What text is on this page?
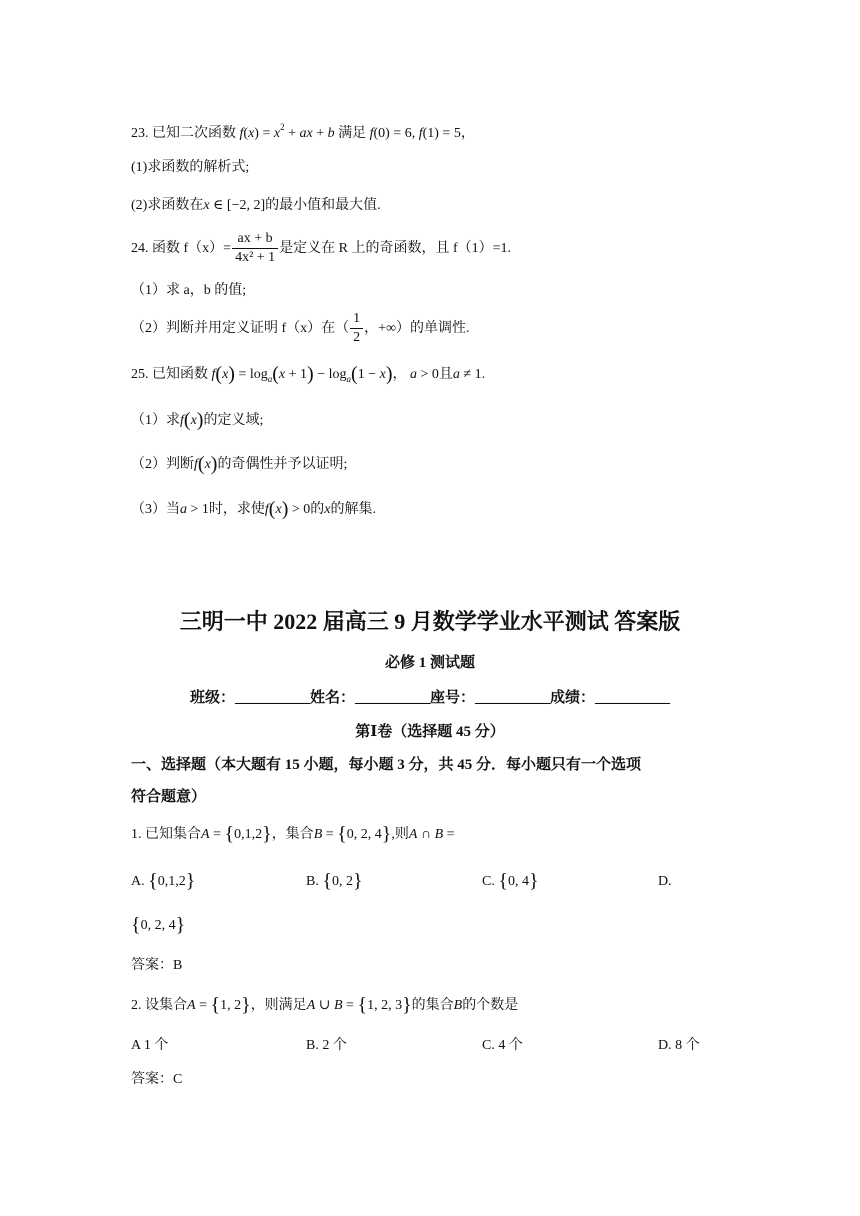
23. 已知二次函数 $f(x) = x^2$ + ax + b 满足 f(0) = 6, f(1) = 5，
(1)求函数的解析式;
(2)求函数在x ∈ [−2, 2]的最小值和最大值.
24. 函数 $f(x)= \frac{ax + b}{\text{4x² + 1}}$ 是定义在 R 上的奇函数，且 f（1）=1.
（1）求 a，b 的值;
（2）判断并用定义证明 f（x）在（ $\frac{1}{2}$ ，+∞）的单调性.
25. 已知函数 $f(x) = \log_a(x + 1) - \log_a(1 - x)$， a > 0且a ≠ 1.
（1）求f(x)的定义域;
（2）判断f(x)的奇偶性并予以证明;
（3）当a > 1时，求使f(x) > 0的x的解集.
三明一中 2022 届高三 9 月数学学业水平测试 答案版
必修 1 测试题
班级：__________姓名：__________座号：__________成绩：__________
第Ⅰ卷（选择题 45 分）
一、选择题（本大题有 15 小题，每小题 3 分，共 45 分．每小题只有一个选项
符合题意）
1. 已知集合A = {0,1,2}，集合B = {0, 2, 4},则A ∩ B =
A. {0,1,2}	B. {0, 2}	C. {0, 4}	D.
{0, 2, 4}
答案：B
2. 设集合A = {1, 2}，则满足A ∪ B = {1, 2, 3}的集合B的个数是
A 1 个	B. 2 个	C. 4 个	D. 8 个
答案：C
